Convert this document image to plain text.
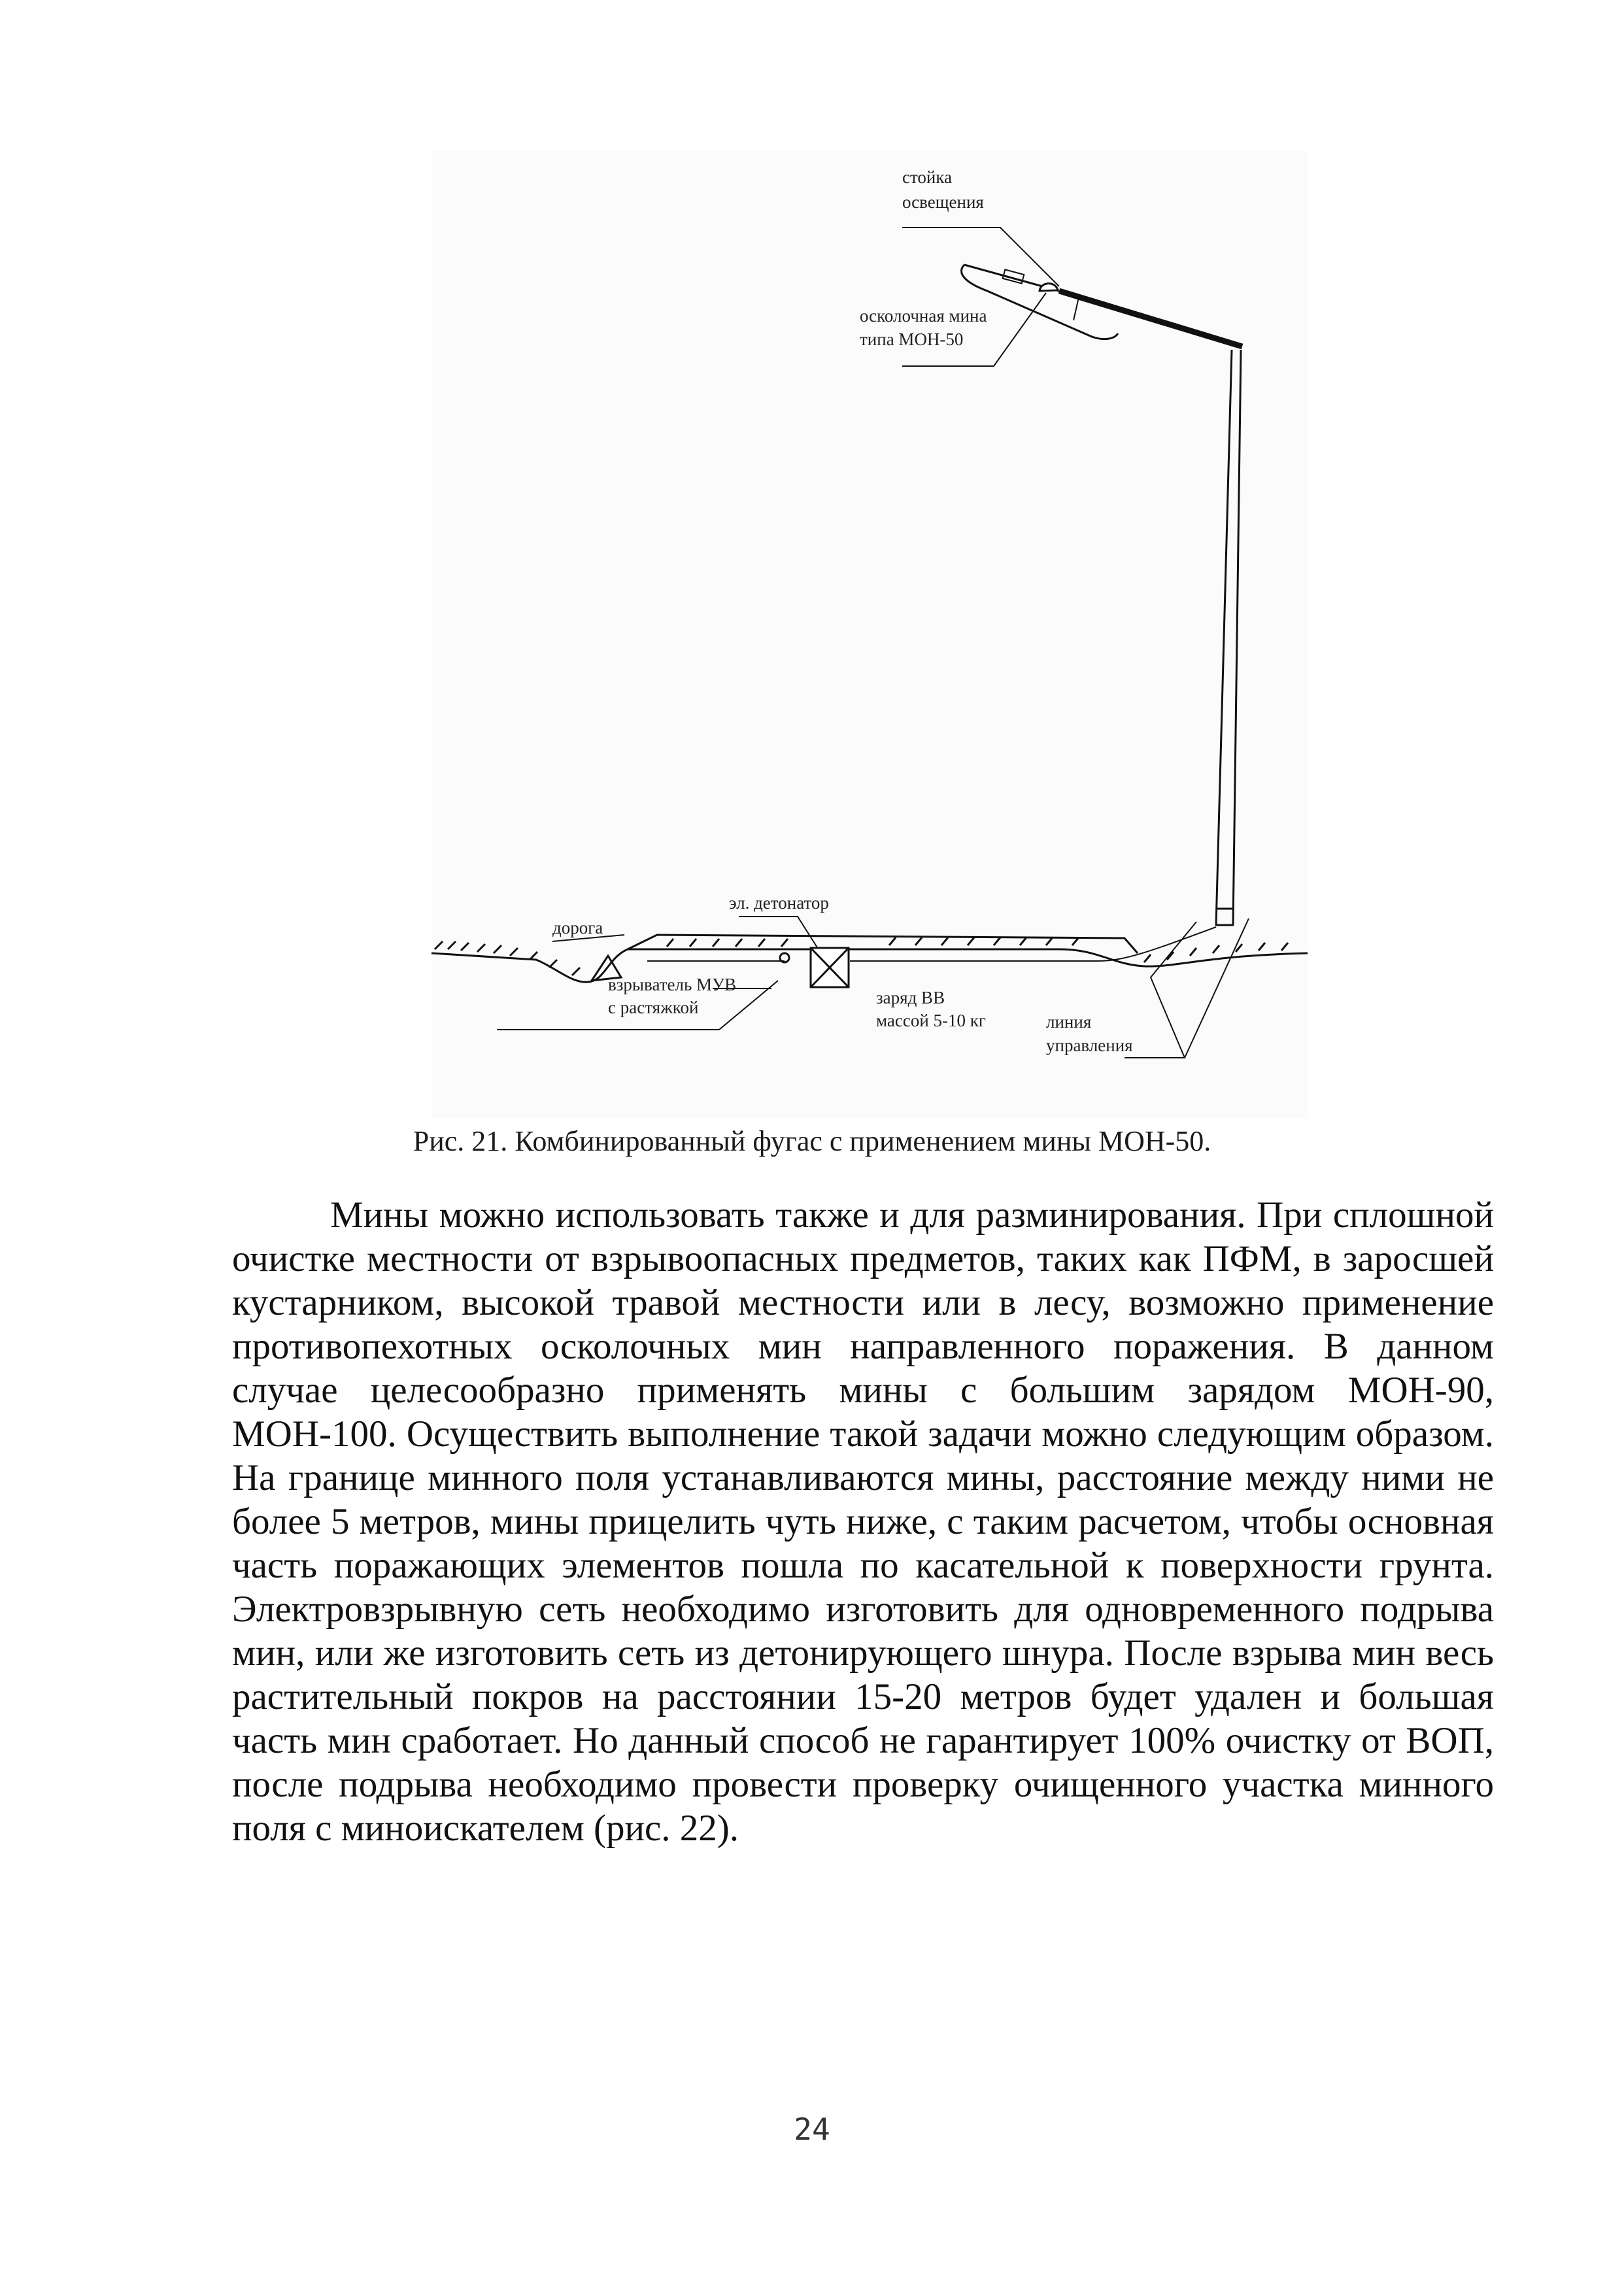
стойка
освещения
осколочная мина
типа МОН-50
дорога
эл. детонатор
взрыватель МУВ
с растяжкой	заряд ВВ
массой 5-10 кг	линия
управления
Рис. 21. Комбинированный фугас с применением мины МОН-50.

Мины можно использовать также и для разминирования. При сплошной очистке местности от взрывоопасных предметов, таких как ПФМ, в заросшей кустарником, высокой травой местности или в лесу, возможно применение противопехотных осколочных мин направленного поражения. В данном случае целесообразно применять мины с большим зарядом МОН-90, МОН-100. Осуществить выполнение такой задачи можно следующим образом. На границе минного поля устанавливаются мины, расстояние между ними не более 5 метров, мины прицелить чуть ниже, с таким расчетом, чтобы основная часть поражающих элементов пошла по касательной к поверхности грунта. Электровзрывную сеть необходимо изготовить для одновременного подрыва мин, или же изготовить сеть из детонирующего шнура. После взрыва мин весь растительный покров на расстоянии 15-20 метров будет удален и большая часть мин сработает. Но данный способ не гарантирует 100% очистку от ВОП, после подрыва необходимо провести проверку очищенного участка минного поля с миноискателем (рис. 22).

24
